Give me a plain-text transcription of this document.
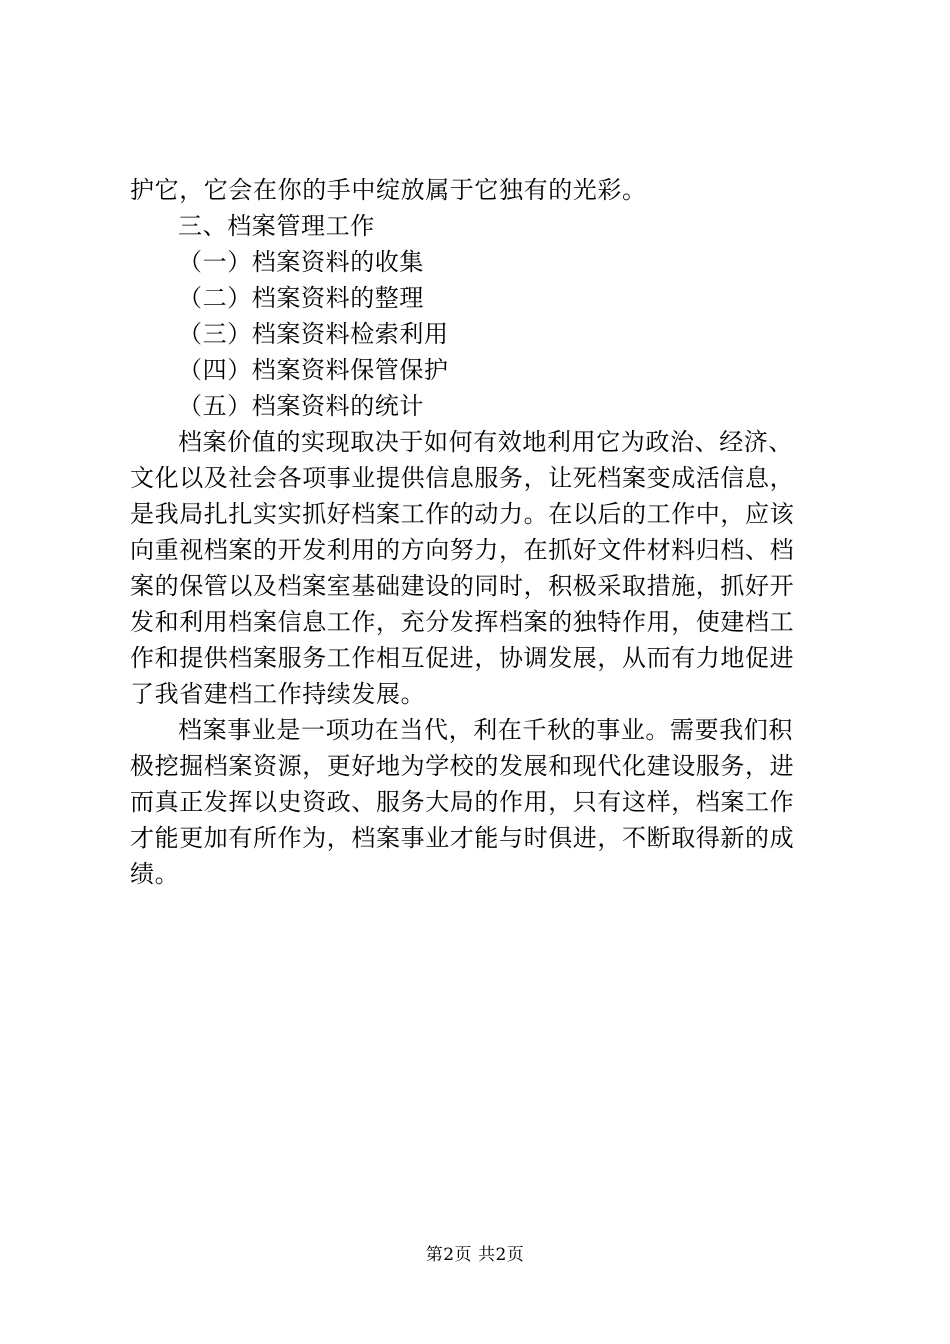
护它，它会在你的手中绽放属于它独有的光彩。
三、档案管理工作
（一）档案资料的收集
（二）档案资料的整理
（三）档案资料检索利用
（四）档案资料保管保护
（五）档案资料的统计
档案价值的实现取决于如何有效地利用它为政治、经济、
文化以及社会各项事业提供信息服务，让死档案变成活信息，
是我局扎扎实实抓好档案工作的动力。在以后的工作中，应该
向重视档案的开发利用的方向努力，在抓好文件材料归档、档
案的保管以及档案室基础建设的同时，积极采取措施，抓好开
发和利用档案信息工作，充分发挥档案的独特作用，使建档工
作和提供档案服务工作相互促进，协调发展，从而有力地促进
了我省建档工作持续发展。
档案事业是一项功在当代，利在千秋的事业。需要我们积
极挖掘档案资源，更好地为学校的发展和现代化建设服务，进
而真正发挥以史资政、服务大局的作用，只有这样，档案工作
才能更加有所作为，档案事业才能与时俱进，不断取得新的成
绩。
第2页 共2页
